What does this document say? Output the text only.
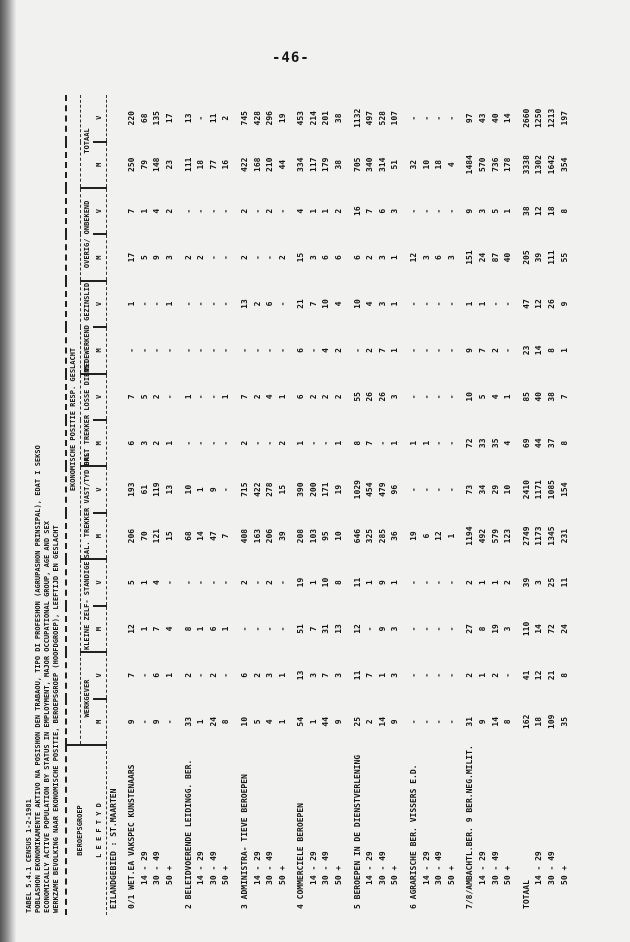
-46-
TABEL 5.4.1 CENSUS 1-2-1981 POBLASHON EKONOMIKAMENTE AKTIVO NA POSISHON DEN TRABAOU, TIPO DI PROFESHON (AGRUPASHON PRINSIPAL), EDAT I SEKSO ECONOMICALLY ACTIVE POPULATION BY STATUS IN EMPLOYMENT, MAJOR OCCUPATIONAL GROUP, AGE AND SEX WERKZAME BEVOLKING NAAR EKONOMISCHE POSITIE, BEROEPSGROEP (HOOFDGROEP), LEEFTIJD EN GESLACHT BEROEPSGROEP	EKONOMISCHE POSITIE RESP. GESLACHT													
	WERKGEVER		KLEINE ZELF- STANDIGE		SAL. TREKKER VAST/TYD DNST		SAL. TREKKER LOSSE DIENST		MEDEWERKEND GEZINSLID		OVERIG/ ONBEKEND		TOTAAL	
L E E F T Y D	M	V	M	V	M	V	M	V	M	V	M	V	M	V
EILANDGEBIED : ST.MAARTEN														
0/1 WET.EA VAKSPEC KUNSTENAARS	9	7	12	5	206	193	6	7	-	1	17	7	250	220
14 - 29	-	-	1	1	70	61	3	5	-	-	5	1	79	68
30 - 49	9	6	7	4	121	119	2	2	-	-	9	4	148	135
50 +	-	1	4	-	15	13	1	-	-	1	3	2	23	17
2 BELEIDVOERENDE LEIDINGG. BER.	33	2	8	-	68	10	-	1	-	-	2	-	111	13
14 - 29	1	-	1	-	14	1	-	-	-	-	2	-	18	-
30 - 49	24	2	6	-	47	9	-	-	-	-	-	-	77	11
50 +	8	-	1	-	7	-	-	1	-	-	-	-	16	2
3 ADMINISTRA- TIEVE BEROEPEN	10	6	-	2	408	715	2	7	-	13	2	2	422	745
14 - 29	5	2	-	-	163	422	-	2	-	2	-	-	168	428
30 - 49	4	3	-	2	206	278	-	4	-	6	-	2	210	296
50 +	1	1	-	-	39	15	2	1	-	-	2	-	44	19
4 COMMERCIELE BEROEPEN	54	13	51	19	208	390	1	6	6	21	15	4	334	453
14 - 29	1	3	7	1	103	200	-	2	-	7	3	1	117	214
30 - 49	44	7	31	10	95	171	-	2	4	10	6	1	179	201
50 +	9	3	13	8	10	19	1	2	2	4	6	2	38	38
5 BEROEPEN IN DE DIENSTVERLENING	25	11	12	11	646	1029	8	55	-	10	6	16	705	1132
14 - 29	2	7	-	1	325	454	7	26	2	4	2	7	340	497
30 - 49	14	1	9	9	285	479	-	26	7	3	3	6	314	528
50 +	9	3	3	1	36	96	1	3	1	1	1	3	51	107
6 AGRARISCHE BER. VISSERS E.D.	-	-	-	-	19	-	1	-	-	-	12	-	32	-
14 - 29	-	-	-	-	6	-	1	-	-	-	3	-	10	-
30 - 49	-	-	-	-	12	-	-	-	-	-	6	-	18	-
50 +	-	-	-	-	1	-	-	-	-	-	3	-	4	-
7/8/AMBACHTL.BER. 9 BER.NEG.MILIT.	31	2	27	2	1194	73	72	10	9	1	151	9	1484	97
14 - 29	9	1	8	1	492	34	33	5	7	1	24	3	570	43
30 - 49	14	2	19	1	579	29	35	4	2	-	87	5	736	40
50 +	8	-	3	2	123	10	4	1	-	-	40	1	178	14
TOTAAL	162	41	110	39	2749	2410	69	85	23	47	205	38	3338	2660
14 - 29	18	12	14	3	1173	1171	44	40	14	12	39	12	1302	1250
30 - 49	109	21	72	25	1345	1085	37	38	8	26	111	18	1642	1213
50 +	35	8	24	11	231	154	8	7	1	9	55	8	354	197
